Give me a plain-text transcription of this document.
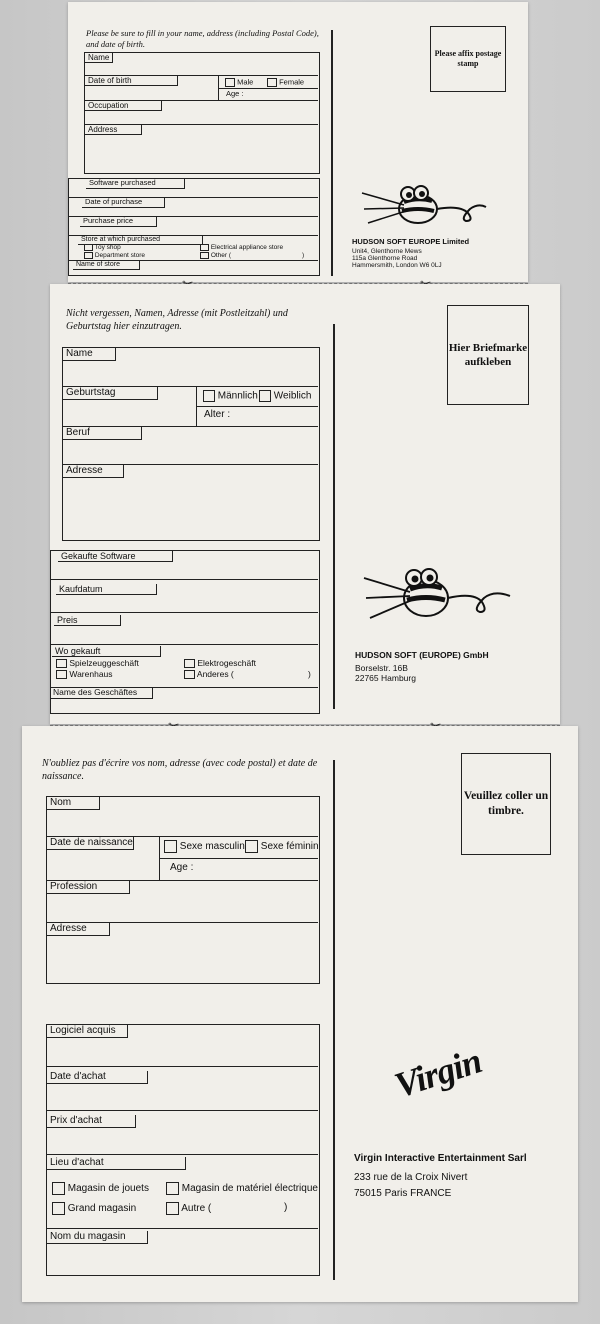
Please be sure to fill in your name, address (including Postal Code), and date of birth.
Name
Date of birth	Male	Female
Age :
Occupation
Address
Software purchased
Date of purchase
Purchase price
Store at which purchased
Toy shop	Electrical appliance store
Department store	Other (	)
Name of store
Please affix postage stamp
HUDSON SOFT EUROPE Limited
Unit4, Glenthorne Mews
115a Glenthorne Road
Hammersmith, London W6 0LJ
Nicht vergessen, Namen, Adresse (mit Postleitzahl) und Geburtstag hier einzutragen.
Name
Geburtstag	Männlich	Weiblich
Alter :
Beruf
Adresse
Gekaufte Software
Kaufdatum
Preis
Wo gekauft
Spielzeuggeschäft	Elektrogeschäft
Warenhaus	Anderes (	)
Name des Geschäftes
Hier Briefmarke aufkleben
HUDSON SOFT (EUROPE) GmbH
Borselstr. 16B
22765 Hamburg
N'oubliez pas d'écrire vos nom, adresse (avec code postal) et date de naissance.
Nom
Date de naissance	Sexe masculin	Sexe féminin
Age :
Profession
Adresse
Logiciel acquis
Date d'achat
Prix d'achat
Lieu d'achat
Magasin de jouets	Magasin de matériel électrique
Grand magasin	Autre (	)
Nom du magasin
Veuillez coller un timbre.
Virgin
Virgin Interactive Entertainment Sarl
233 rue de la Croix Nivert
75015 Paris FRANCE
